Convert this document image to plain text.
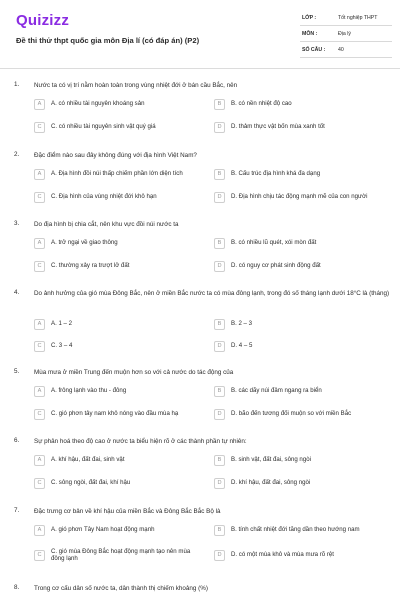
Quizizz
Đề thi thử thpt quốc gia môn Địa lí (có đáp án) (P2)
LỚP :	Tốt nghiệp THPT
MÔN :	Địa lý
SỐ CÂU : 40
1. Nước ta có vị trí nằm hoàn toàn trong vùng nhiệt đới ở bán cầu Bắc, nên
A	A. có nhiều tài nguyên khoáng sản	B	B. có nền nhiệt độ cao
C	C. có nhiều tài nguyên sinh vật quý giá	D	D. thảm thực vật bốn mùa xanh tốt
2. Đặc điểm nào sau đây không đúng với địa hình Việt Nam?
A	A. Địa hình đồi núi thấp chiếm phần lớn diện tích	B	B. Cấu trúc địa hình khá đa dạng
C	C. Địa hình của vùng nhiệt đới khô hạn	D	D. Địa hình chịu tác động mạnh mẽ của con người
3. Do địa hình bị chia cắt, nên khu vực đồi núi nước ta
A	A. trở ngại về giao thông	B	B. có nhiều lũ quét, xói mòn đất
C	C. thường xảy ra trượt lở đất	D	D. có nguy cơ phát sinh động đất
4. Do ảnh hưởng của gió mùa Đông Bắc, nên ở miền Bắc nước ta có mùa đông lạnh, trong đó số tháng lạnh dưới 18°C là (tháng)
A	A. 1 – 2	B	B. 2 – 3
C	C. 3 – 4	D	D. 4 – 5
5. Mùa mưa ở miền Trung đến muộn hơn so với cả nước do tác động của
A	A. frông lạnh vào thu - đông	B	B. các dãy núi đâm ngang ra biển
C	C. gió phơn tây nam khô nóng vào đầu mùa hạ	D	D. bão đến tương đối muộn so với miền Bắc
6. Sự phân hoá theo độ cao ở nước ta biểu hiện rõ ở các thành phần tự nhiên:
A	A. khí hậu, đất đai, sinh vật	B	B. sinh vật, đất đai, sông ngòi
C	C. sông ngòi, đất đai, khí hậu	D	D. khí hậu, đất đai, sông ngòi
7. Đặc trưng cơ bản về khí hậu của miền Bắc và Đông Bắc Bắc Bộ là
A	A. gió phơn Tây Nam hoạt động mạnh	B	B. tính chất nhiệt đới tăng dần theo hướng nam
C
C. gió mùa Đông Bắc hoạt động mạnh tạo nên mùa đông lạnh	D	D. có một mùa khô và mùa mưa rõ rệt
8. Trong cơ cấu dân số nước ta, dân thành thị chiếm khoảng (%)
